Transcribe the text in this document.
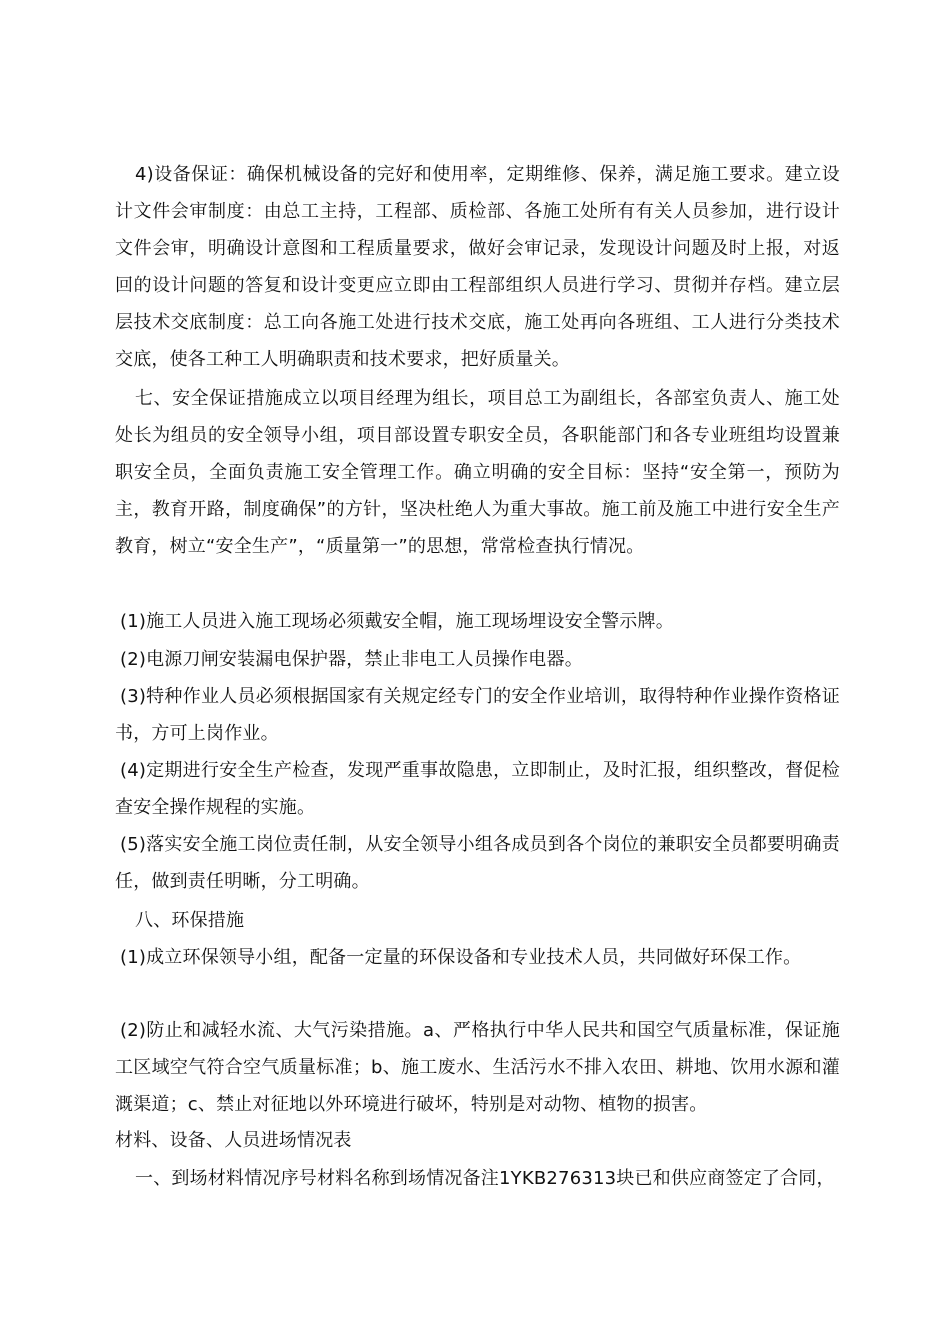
4)设备保证：确保机械设备的完好和使用率，定期维修、保养，满足施工要求。建立设计文件会审制度：由总工主持，工程部、质检部、各施工处所有有关人员参加，进行设计文件会审，明确设计意图和工程质量要求，做好会审记录，发现设计问题及时上报，对返回的设计问题的答复和设计变更应立即由工程部组织人员进行学习、贯彻并存档。建立层层技术交底制度：总工向各施工处进行技术交底，施工处再向各班组、工人进行分类技术交底，使各工种工人明确职责和技术要求，把好质量关。

七、安全保证措施成立以项目经理为组长，项目总工为副组长，各部室负责人、施工处处长为组员的安全领导小组，项目部设置专职安全员，各职能部门和各专业班组均设置兼职安全员，全面负责施工安全管理工作。确立明确的安全目标：坚持“安全第一，预防为主，教育开路，制度确保”的方针，坚决杜绝人为重大事故。施工前及施工中进行安全生产教育，树立“安全生产”，“质量第一”的思想，常常检查执行情况。

(1)施工人员进入施工现场必须戴安全帽，施工现场埋设安全警示牌。

(2)电源刀闸安装漏电保护器，禁止非电工人员操作电器。

(3)特种作业人员必须根据国家有关规定经专门的安全作业培训，取得特种作业操作资格证书，方可上岗作业。

(4)定期进行安全生产检查，发现严重事故隐患，立即制止，及时汇报，组织整改，督促检查安全操作规程的实施。

(5)落实安全施工岗位责任制，从安全领导小组各成员到各个岗位的兼职安全员都要明确责任，做到责任明晰，分工明确。

八、环保措施

(1)成立环保领导小组，配备一定量的环保设备和专业技术人员，共同做好环保工作。

(2)防止和减轻水流、大气污染措施。a、严格执行中华人民共和国空气质量标准，保证施工区域空气符合空气质量标准；b、施工废水、生活污水不排入农田、耕地、饮用水源和灌溉渠道；c、禁止对征地以外环境进行破坏，特别是对动物、植物的损害。

材料、设备、人员进场情况表

一、到场材料情况序号材料名称到场情况备注1YKB276313块已和供应商签定了合同，
